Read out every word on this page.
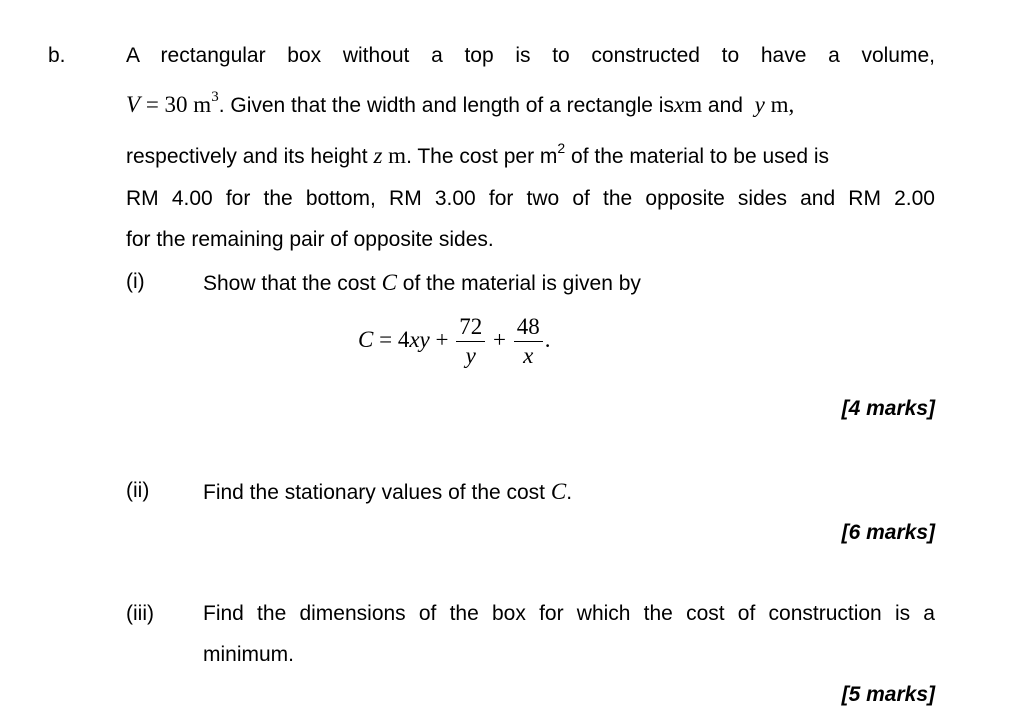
b.	A rectangular box without a top is to constructed to have a volume,
V = 30 $m^3$. Given that the width and length of a rectangle isxm and  y m,
respectively and its height z m. The cost per $m^2$ of the material to be used is
RM 4.00 for the bottom, RM 3.00 for two of the opposite sides and RM 2.00
for the remaining pair of opposite sides.
(i)	Show that the cost C of the material is given by
$C = 4xy + \frac{72}{y} + \frac{48}{x}$ .
[4 marks]
(ii)	Find the stationary values of the cost C.
[6 marks]
(iii) Find the dimensions of the box for which the cost of construction is a
minimum.
[5 marks]
